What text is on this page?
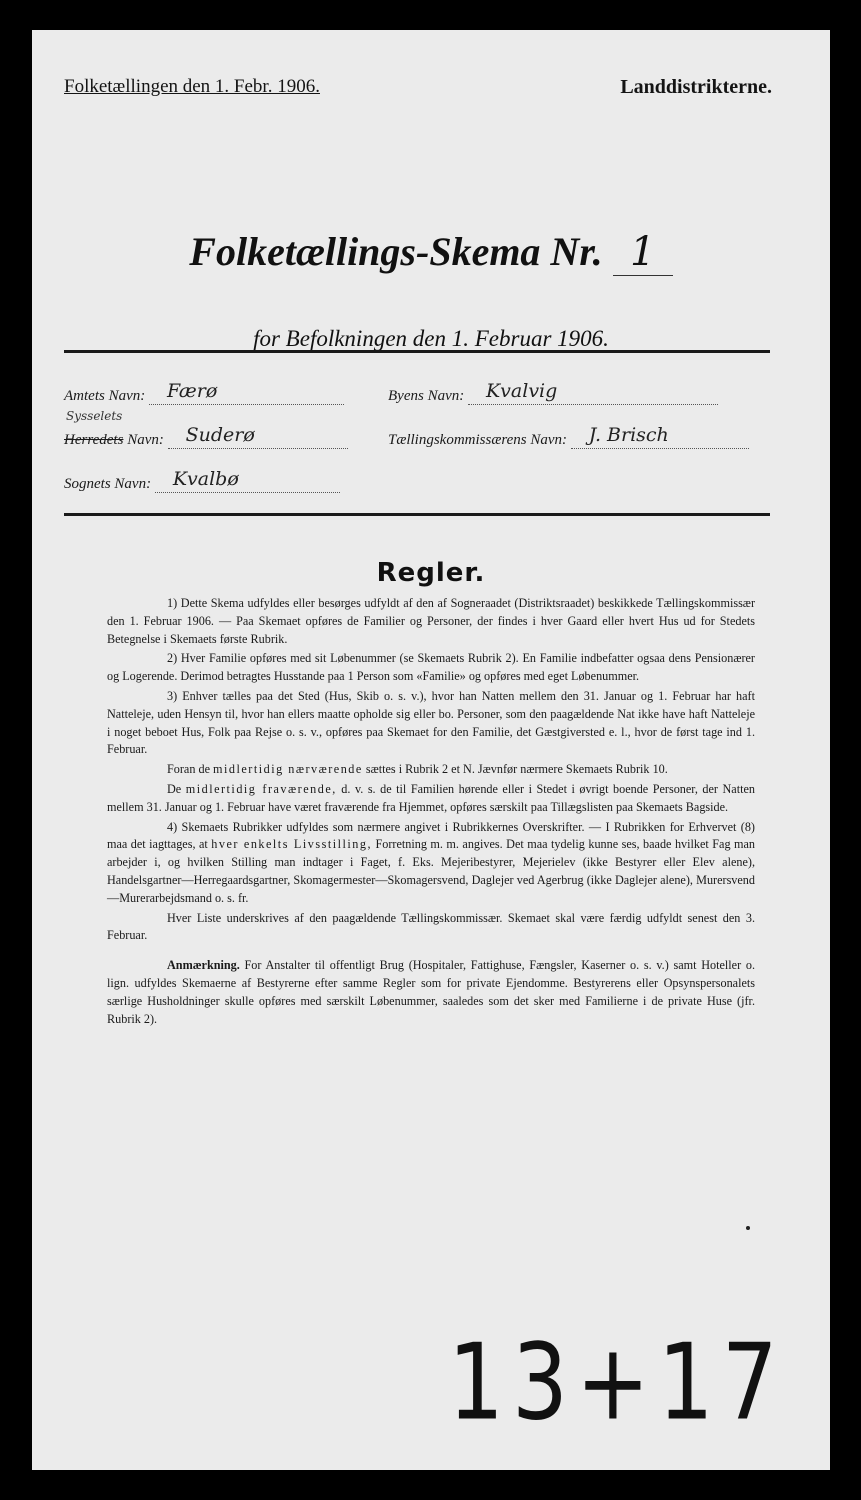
Folketællingen den 1. Febr. 1906.	Landdistrikterne.
Folketællings-Skema Nr. 1
for Befolkningen den 1. Februar 1906.
Amtets Navn: Færø	Byens Navn: Kvalvig
Sysselets
Herredets Navn: Suderø	Tællingskommissærens Navn: J. Brisch
Sognets Navn: Kvalbø
Regler.

1) Dette Skema udfyldes eller besørges udfyldt af den af Sogneraadet (Distriktsraadet) beskikkede Tællingskommissær den 1. Februar 1906. — Paa Skemaet opføres de Familier og Personer, der findes i hver Gaard eller hvert Hus ud for Stedets Betegnelse i Skemaets første Rubrik.

2) Hver Familie opføres med sit Løbenummer (se Skemaets Rubrik 2). En Familie indbefatter ogsaa dens Pensionærer og Logerende. Derimod betragtes Husstande paa 1 Person som «Familie» og opføres med eget Løbenummer.

3) Enhver tælles paa det Sted (Hus, Skib o. s. v.), hvor han Natten mellem den 31. Januar og 1. Februar har haft Natteleje, uden Hensyn til, hvor han ellers maatte opholde sig eller bo. Personer, som den paagældende Nat ikke have haft Natteleje i noget beboet Hus, Folk paa Rejse o. s. v., opføres paa Skemaet for den Familie, det Gæstgiversted e. l., hvor de først tage ind 1. Februar.

Foran de midlertidig nærværende sættes i Rubrik 2 et N. Jævnfør nærmere Skemaets Rubrik 10.

De midlertidig fraværende, d. v. s. de til Familien hørende eller i Stedet i øvrigt boende Personer, der Natten mellem 31. Januar og 1. Februar have været fraværende fra Hjemmet, opføres særskilt paa Tillægslisten paa Skemaets Bagside.

4) Skemaets Rubrikker udfyldes som nærmere angivet i Rubrikkernes Overskrifter. — I Rubrikken for Erhvervet (8) maa det iagttages, at hver enkelts Livsstilling, Forretning m. m. angives. Det maa tydelig kunne ses, baade hvilket Fag man arbejder i, og hvilken Stilling man indtager i Faget, f. Eks. Mejeribestyrer, Mejerielev (ikke Bestyrer eller Elev alene), Handelsgartner—Herregaardsgartner, Skomagermester—Skomagersvend, Daglejer ved Agerbrug (ikke Daglejer alene), Murersvend—Murerarbejdsmand o. s. fr.

Hver Liste underskrives af den paagældende Tællingskommissær. Skemaet skal være færdig udfyldt senest den 3. Februar.

Anmærkning. For Anstalter til offentligt Brug (Hospitaler, Fattighuse, Fængsler, Kaserner o. s. v.) samt Hoteller o. lign. udfyldes Skemaerne af Bestyrerne efter samme Regler som for private Ejendomme. Bestyrerens eller Opsynspersonalets særlige Husholdninger skulle opføres med særskilt Løbenummer, saaledes som det sker med Familierne i de private Huse (jfr. Rubrik 2).

13+17
